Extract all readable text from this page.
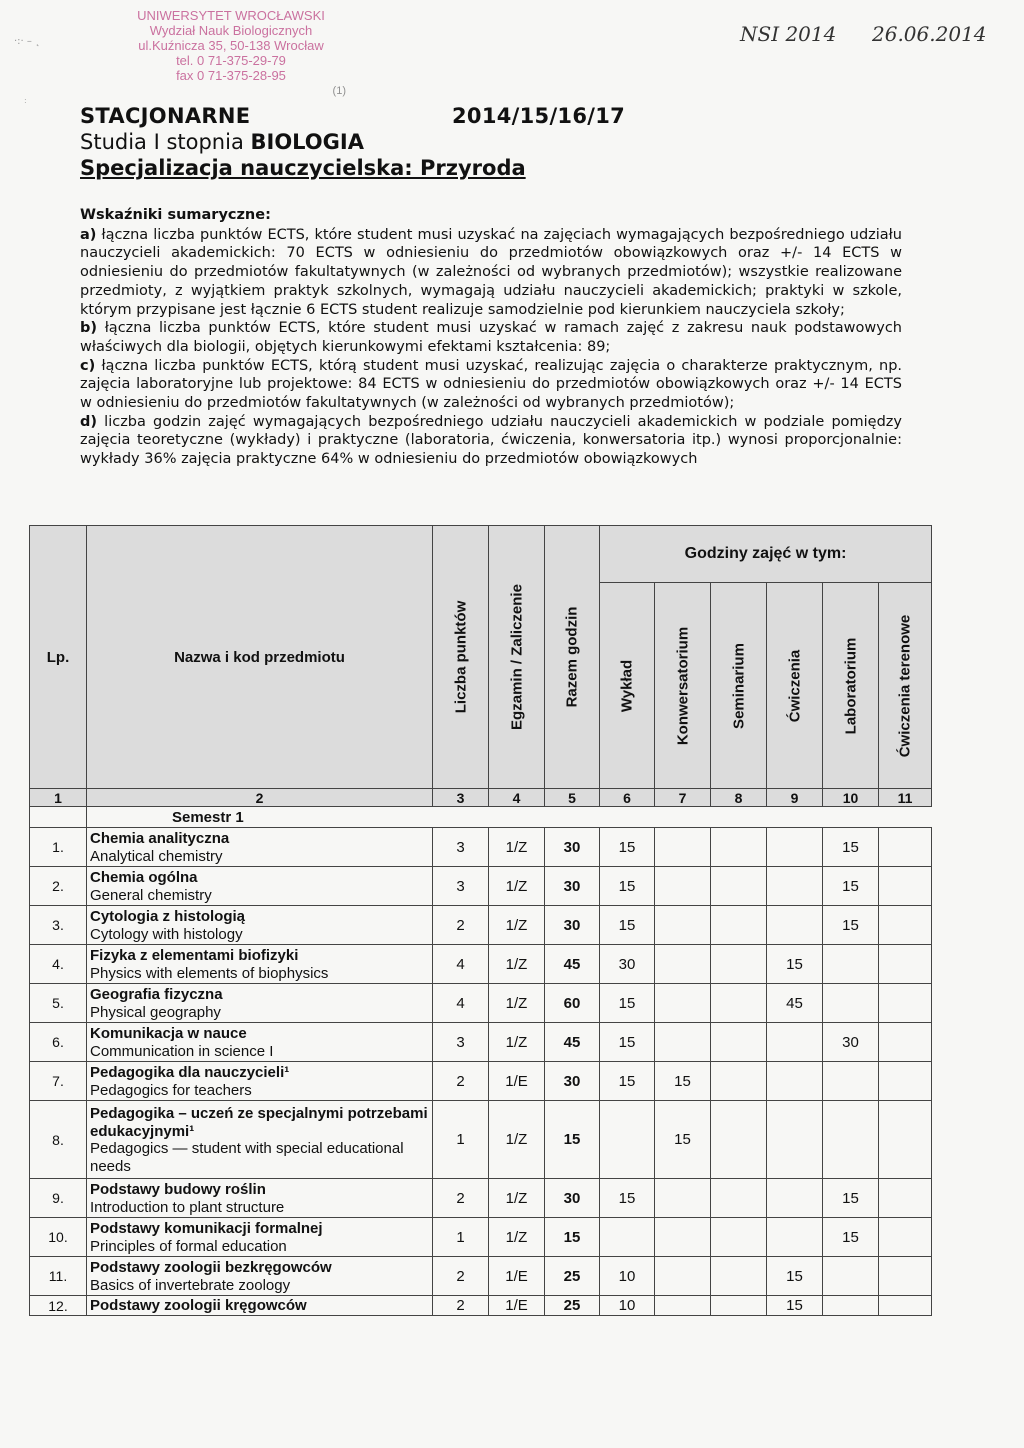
·:· – ˛
:
UNIWERSYTET WROCŁAWSKI
Wydział Nauk Biologicznych
ul.Kuźnicza 35, 50-138 Wrocław
tel. 0 71-375-29-79
fax 0 71-375-28-95
(1)
NSI 2014 26.06.2014
STACJONARNE	2014/15/16/17
Studia I stopnia BIOLOGIA
Specjalizacja nauczycielska: Przyroda
Wskaźniki sumaryczne:

a) łączna liczba punktów ECTS, które student musi uzyskać na zajęciach wymagających bezpośredniego udziału nauczycieli akademickich: 70 ECTS w odniesieniu do przedmiotów obowiązkowych oraz +/- 14 ECTS w odniesieniu do przedmiotów fakultatywnych (w zależności od wybranych przedmiotów); wszystkie realizowane przedmioty, z wyjątkiem praktyk szkolnych, wymagają udziału nauczycieli akademickich; praktyki w szkole, którym przypisane jest łącznie 6 ECTS student realizuje samodzielnie pod kierunkiem nauczyciela szkoły;

b) łączna liczba punktów ECTS, które student musi uzyskać w ramach zajęć z zakresu nauk podstawowych właściwych dla biologii, objętych kierunkowymi efektami kształcenia: 89;

c) łączna liczba punktów ECTS, którą student musi uzyskać, realizując zajęcia o charakterze praktycznym, np. zajęcia laboratoryjne lub projektowe: 84 ECTS w odniesieniu do przedmiotów obowiązkowych oraz +/- 14 ECTS w odniesieniu do przedmiotów fakultatywnych (w zależności od wybranych przedmiotów);

d) liczba godzin zajęć wymagających bezpośredniego udziału nauczycieli akademickich w podziale pomiędzy zajęcia teoretyczne (wykłady) i praktyczne (laboratoria, ćwiczenia, konwersatoria itp.) wynosi proporcjonalnie: wykłady 36% zajęcia praktyczne 64% w odniesieniu do przedmiotów obowiązkowych

Lp.	Nazwa i kod przedmiotu	Liczba punktów	Egzamin / Zaliczenie	Razem godzin	Godziny zajęć w tym:					

					Wykład	Konwersatorium	Seminarium	Ćwiczenia	Laboratorium	Ćwiczenia terenowe

1	2	3	4	5	6	7	8	9	10	11
	Semestr 1									
1.	Chemia analityczna
Analytical chemistry	3	1/Z	30	15				15	
2.	Chemia ogólna
General chemistry	3	1/Z	30	15				15	
3.	Cytologia z histologią
Cytology with histology	2	1/Z	30	15				15	
4.	Fizyka z elementami biofizyki
Physics with elements of biophysics	4	1/Z	45	30			15		
5.	Geografia fizyczna
Physical geography	4	1/Z	60	15			45		
6.	Komunikacja w nauce
Communication in science I	3	1/Z	45	15				30	
7.	Pedagogika dla nauczycieli¹
Pedagogics for teachers	2	1/E	30	15	15				
8.	Pedagogika – uczeń ze specjalnymi potrzebami edukacyjnymi¹
Pedagogics — student with special educational needs	1	1/Z	15		15				
9.	Podstawy budowy roślin
Introduction to plant structure	2	1/Z	30	15				15	
10.	Podstawy komunikacji formalnej
Principles of formal education	1	1/Z	15					15	
11.	Podstawy zoologii bezkręgowców
Basics of invertebrate zoology	2	1/E	25	10			15		
12.	Podstawy zoologii kręgowców	2	1/E	25	10			15		
